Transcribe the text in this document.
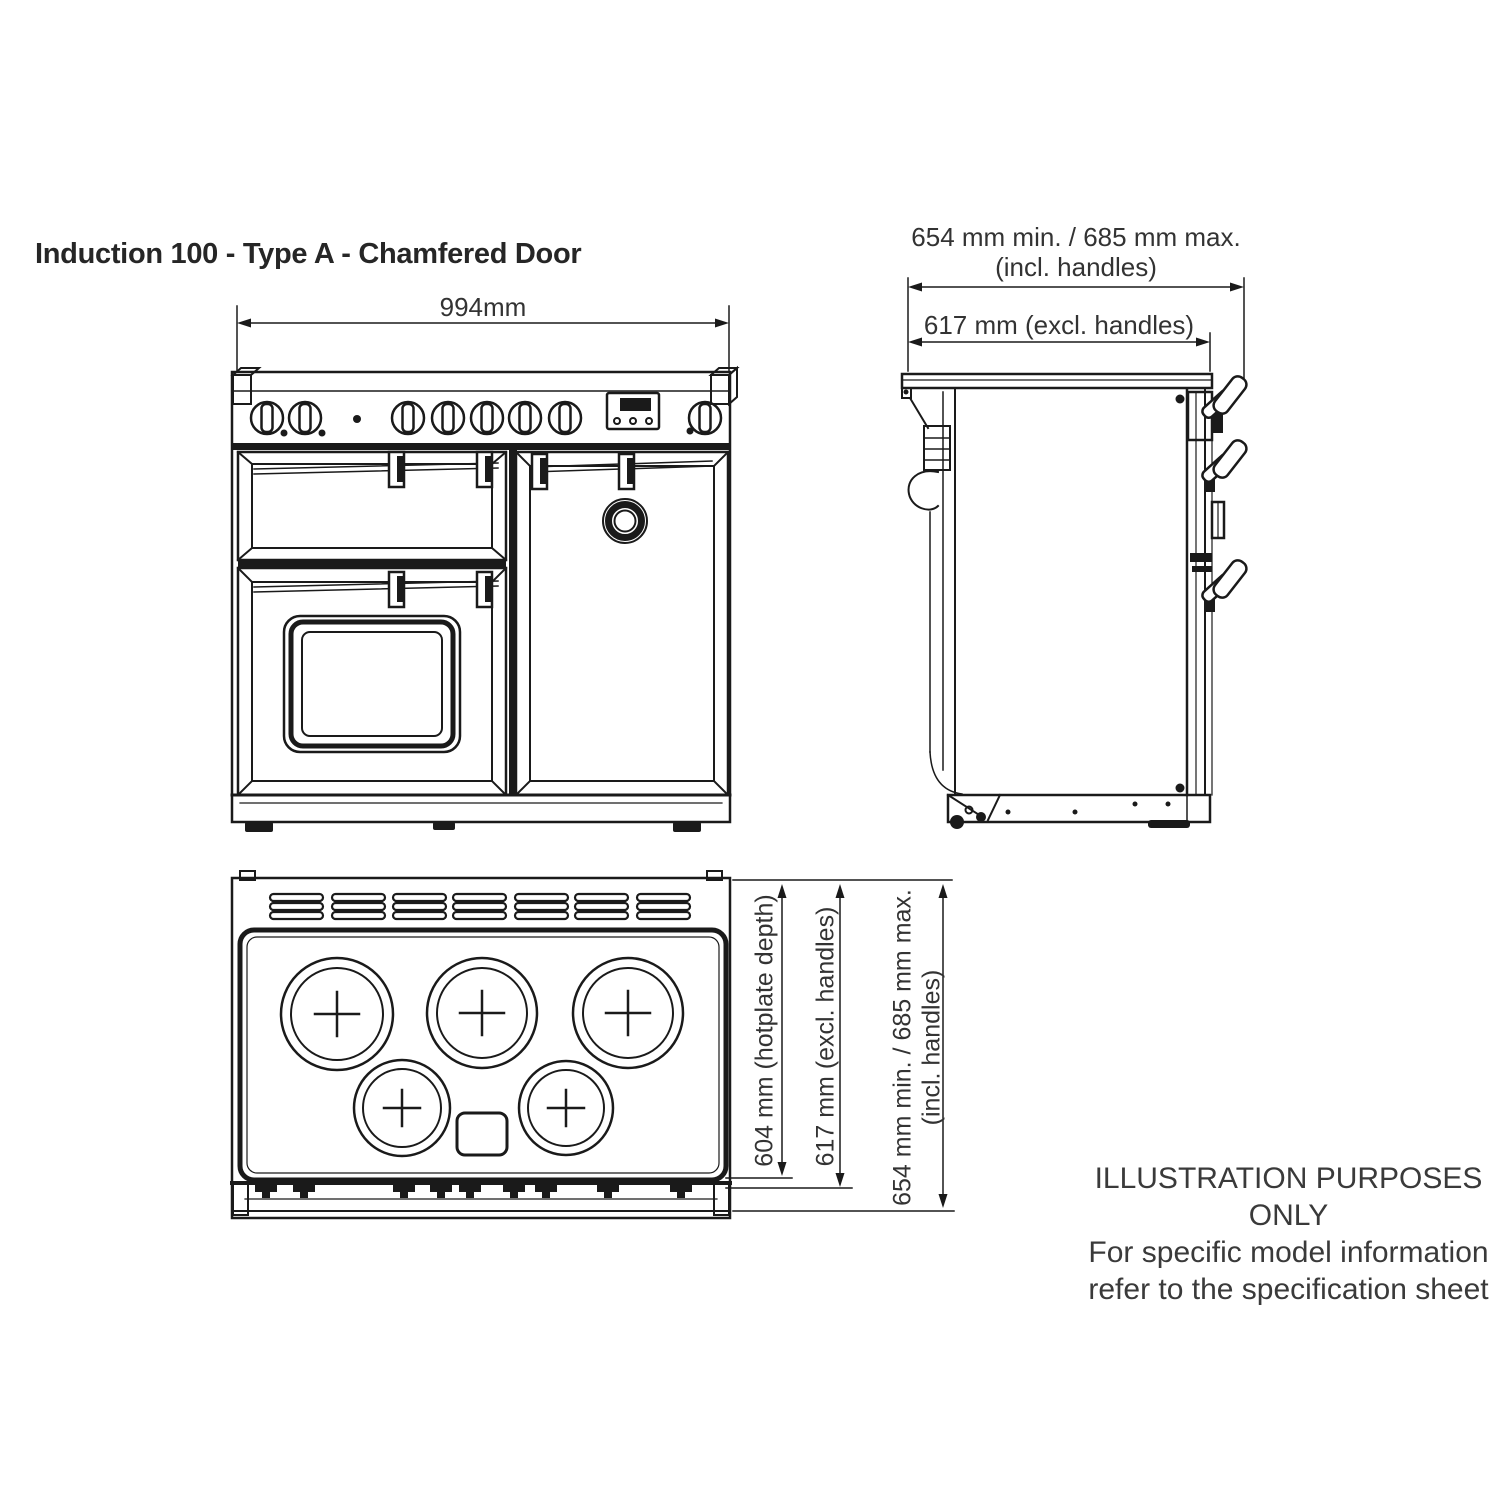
Induction 100 - Type A - Chamfered Door
994mm
654 mm min. / 685 mm max.
(incl. handles)
617 mm (excl. handles)
604 mm (hotplate depth) 617 mm (excl. handles) 654 mm min. / 685 mm max. (incl. handles)
ILLUSTRATION PURPOSES ONLY
For specific model information
refer to the specification sheet
